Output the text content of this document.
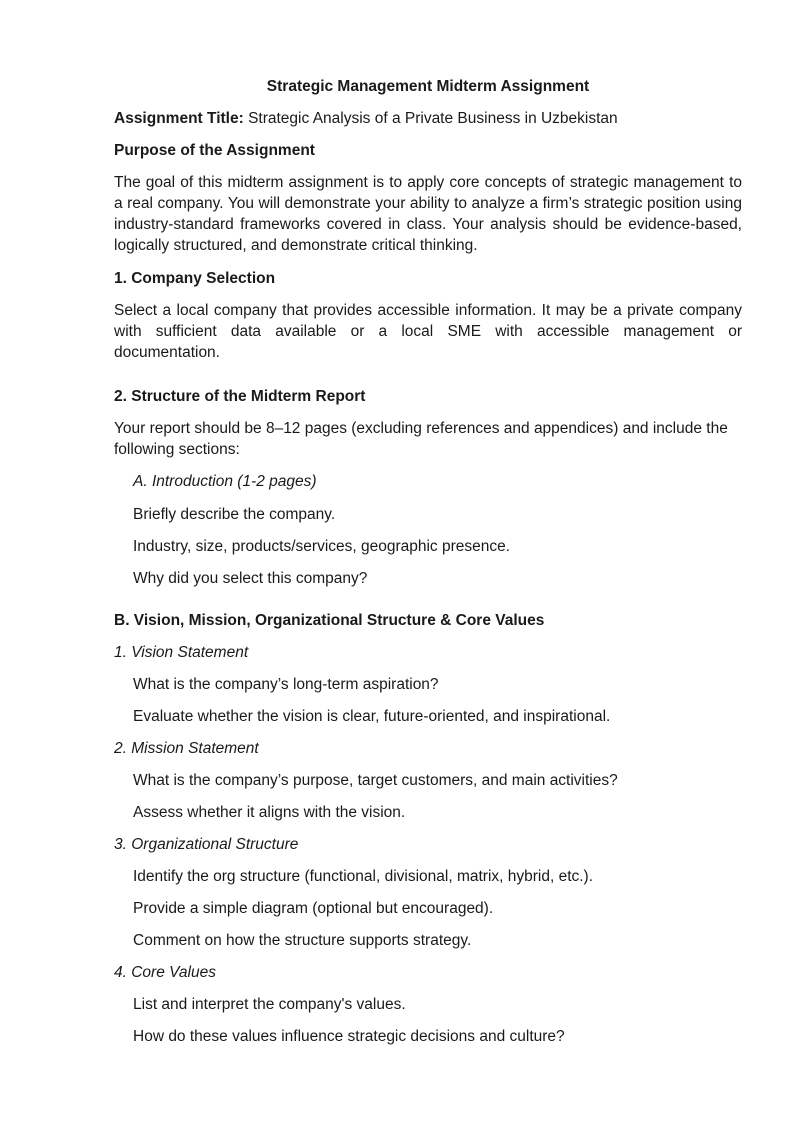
Strategic Management Midterm Assignment
Assignment Title: Strategic Analysis of a Private Business in Uzbekistan
Purpose of the Assignment
The goal of this midterm assignment is to apply core concepts of strategic management to a real company. You will demonstrate your ability to analyze a firm’s strategic position using industry-standard frameworks covered in class. Your analysis should be evidence-based, logically structured, and demonstrate critical thinking.
1. Company Selection
Select a local company that provides accessible information. It may be a private company with sufficient data available or a local SME with accessible management or documentation.
2. Structure of the Midterm Report
Your report should be 8–12 pages (excluding references and appendices) and include the following sections:
A. Introduction (1-2 pages)
Briefly describe the company.
Industry, size, products/services, geographic presence.
Why did you select this company?
B. Vision, Mission, Organizational Structure & Core Values
1. Vision Statement
What is the company’s long-term aspiration?
Evaluate whether the vision is clear, future-oriented, and inspirational.
2. Mission Statement
What is the company’s purpose, target customers, and main activities?
Assess whether it aligns with the vision.
3. Organizational Structure
Identify the org structure (functional, divisional, matrix, hybrid, etc.).
Provide a simple diagram (optional but encouraged).
Comment on how the structure supports strategy.
4. Core Values
List and interpret the company's values.
How do these values influence strategic decisions and culture?
